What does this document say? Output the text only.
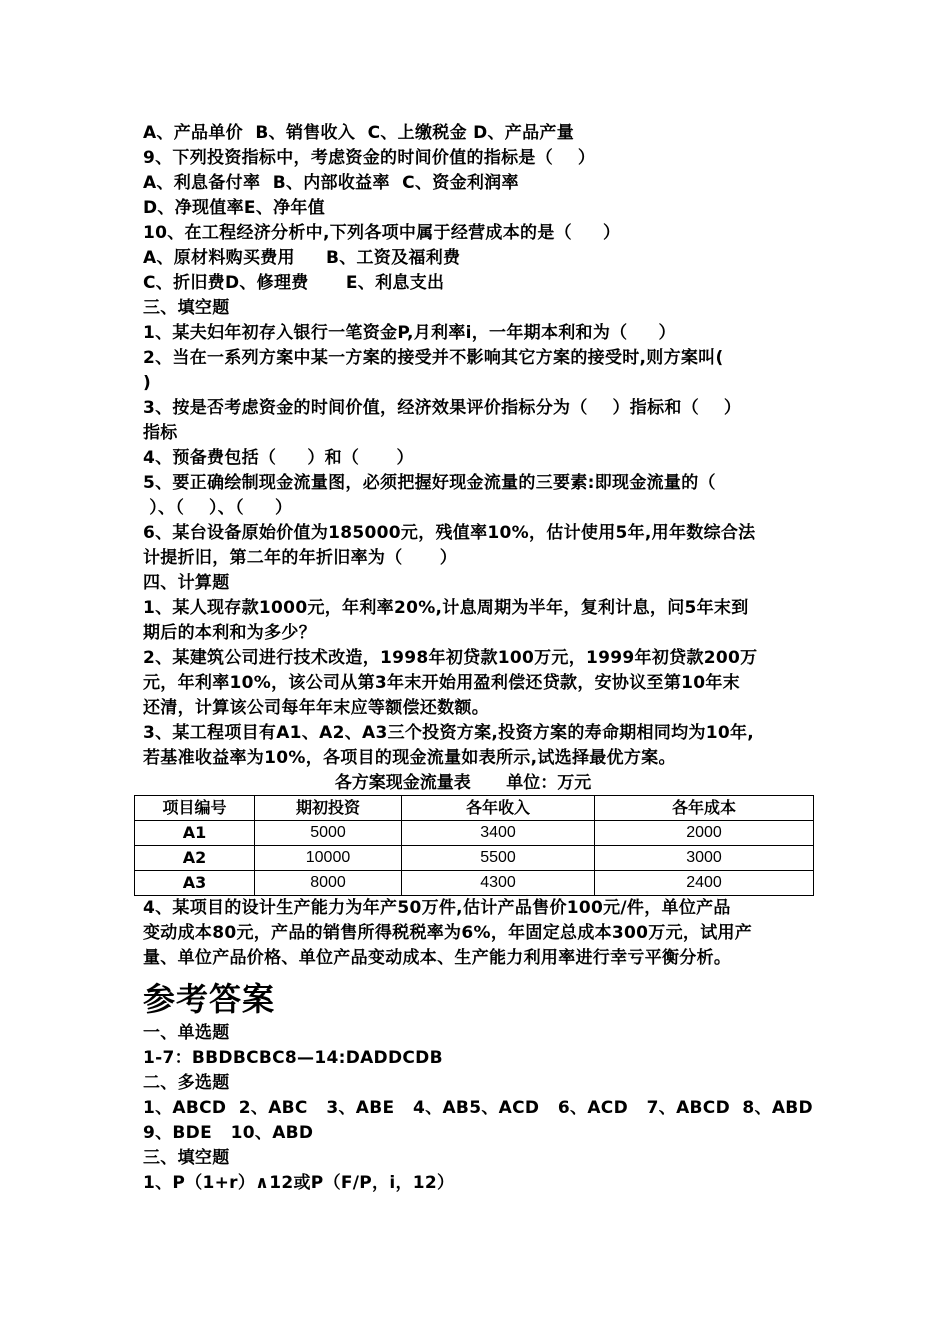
A、产品单价  B、销售收入  C、上缴税金 D、产品产量
9、下列投资指标中，考虑资金的时间价值的指标是（    ）
A、利息备付率  B、内部收益率  C、资金利润率
D、净现值率E、净年值
10、在工程经济分析中,下列各项中属于经营成本的是（     ）
A、原材料购买费用     B、工资及福利费
C、折旧费D、修理费      E、利息支出
三、填空题
1、某夫妇年初存入银行一笔资金P,月利率i，一年期本利和为（     ）
2、当在一系列方案中某一方案的接受并不影响其它方案的接受时,则方案叫(
)
3、按是否考虑资金的时间价值，经济效果评价指标分为（    ）指标和（    ）
指标
4、预备费包括（     ）和（      ）
5、要正确绘制现金流量图，必须把握好现金流量的三要素:即现金流量的（
）、（    ）、（     ）
6、某台设备原始价值为185000元，残值率10%，估计使用5年,用年数综合法
计提折旧，第二年的年折旧率为（      ）
四、计算题
1、某人现存款1000元，年利率20%,计息周期为半年，复利计息，问5年末到
期后的本利和为多少？
2、某建筑公司进行技术改造，1998年初贷款100万元，1999年初贷款200万
元，年利率10%，该公司从第3年末开始用盈利偿还贷款，安协议至第10年末
还清，计算该公司每年年末应等额偿还数额。
3、某工程项目有A1、A2、A3三个投资方案,投资方案的寿命期相同均为10年,
若基准收益率为10%，各项目的现金流量如表所示,试选择最优方案。
各方案现金流量表      单位：万元
项目编号	期初投资	各年收入	各年成本
A1	5000	3400	2000
A2	10000	5500	3000
A3	8000	4300	2400
4、某项目的设计生产能力为年产50万件,估计产品售价100元/件，单位产品
变动成本80元，产品的销售所得税税率为6%，年固定总成本300万元，试用产
量、单位产品价格、单位产品变动成本、生产能力利用率进行幸亏平衡分析。
参考答案
一、单选题
1-7：BBDBCBC8—14:DADDCDB
二、多选题
1、ABCD  2、ABC   3、ABE   4、AB5、ACD   6、ACD   7、ABCD  8、ABD
9、BDE   10、ABD
三、填空题
1、P（1+r）∧12或P（F/P，i，12）
